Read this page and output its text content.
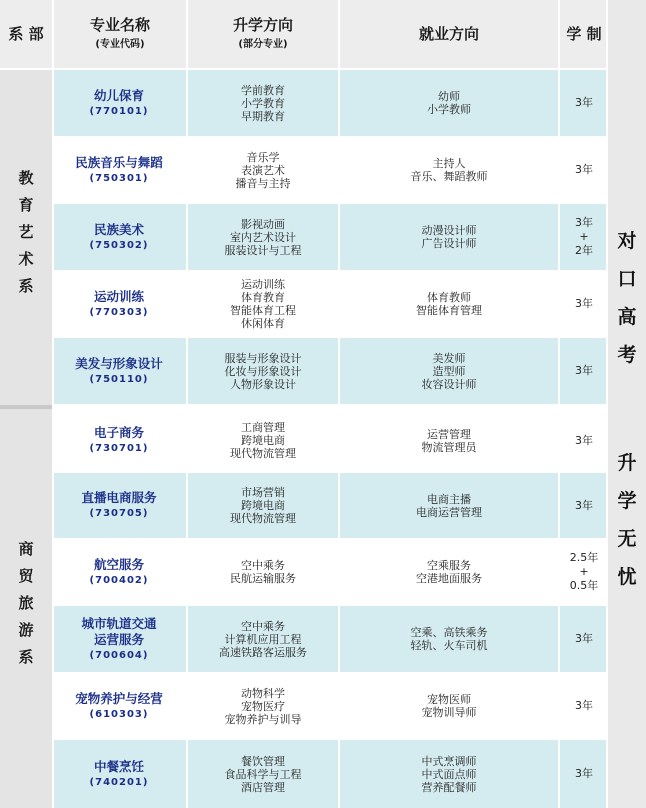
系 部	专业名称
(专业代码)
升学方向
(部分专业)
就业方向	学 制
教育艺术系
商贸旅游系
幼儿保育
(770101)
学前教育
小学教育
早期教育
幼师
小学教师
3年
民族音乐与舞蹈
(750301)
音乐学
表演艺术
播音与主持
主持人
音乐、舞蹈教师
3年
民族美术
(750302)
影视动画
室内艺术设计
服装设计与工程
动漫设计师
广告设计师
3年
+
2年
运动训练
(770303)
运动训练
体育教育
智能体育工程
休闲体育
体育教师
智能体育管理
3年
美发与形象设计
(750110)
服装与形象设计
化妆与形象设计
人物形象设计
美发师
造型师
妆容设计师
3年
电子商务
(730701)
工商管理
跨境电商
现代物流管理
运营管理
物流管理员
3年
直播电商服务
(730705)
市场营销
跨境电商
现代物流管理
电商主播
电商运营管理
3年
航空服务
(700402)
空中乘务
民航运输服务
空乘服务
空港地面服务
2.5年
+
0.5年
城市轨道交通
运营服务
(700604)
空中乘务
计算机应用工程
高速铁路客运服务
空乘、高铁乘务
轻轨、火车司机
3年
宠物养护与经营
(610303)
动物科学
宠物医疗
宠物养护与训导
宠物医师
宠物训导师
3年
中餐烹饪
(740201)
餐饮管理
食品科学与工程
酒店管理
中式烹调师
中式面点师
营养配餐师
3年
对
口
高
考
升
学
无
忧
